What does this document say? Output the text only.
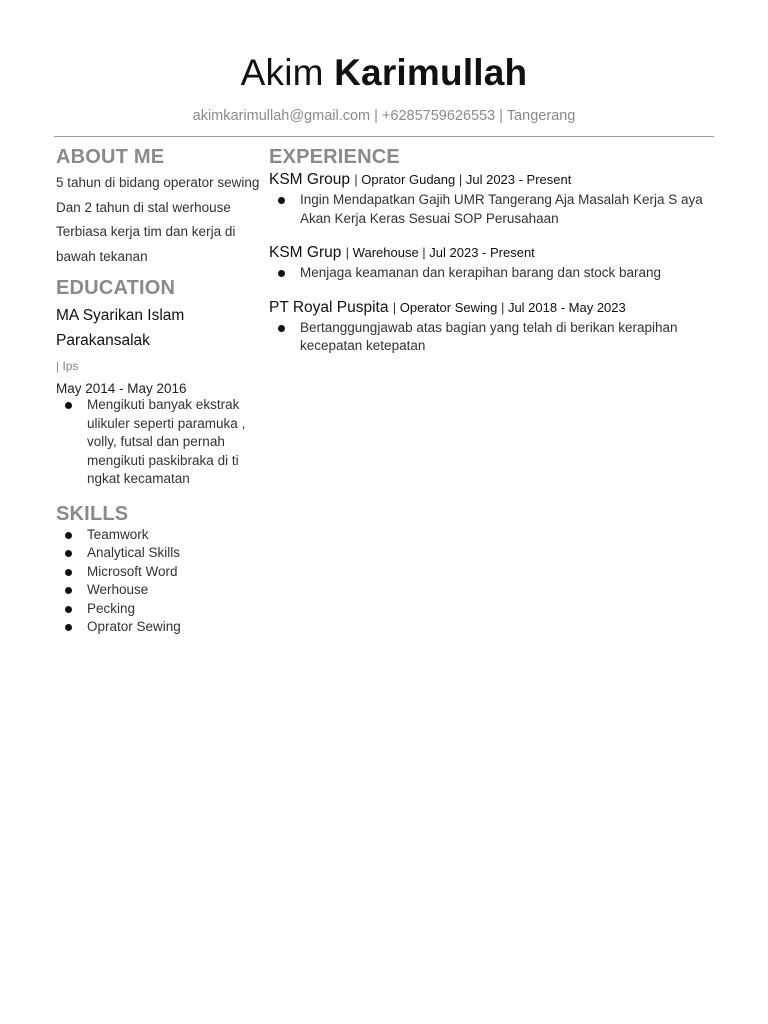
Akim Karimullah
akimkarimullah@gmail.com | +6285759626553 | Tangerang
ABOUT ME

5 tahun di bidang operator sewing Dan 2 tahun di stal werhouse Terbiasa kerja tim dan kerja di bawah tekanan

EDUCATION
MA Syarikan Islam Parakansalak
| Ips
May 2014 - May 2016
Mengikuti banyak ekstrak ulikuler seperti paramuka , volly, futsal dan pernah mengikuti paskibraka di ti ngkat kecamatan
SKILLS
Teamwork
Analytical Skills
Microsoft Word
Werhouse
Pecking
Oprator Sewing
EXPERIENCE
KSM Group | Oprator Gudang | Jul 2023 - Present
Ingin Mendapatkan Gajih UMR Tangerang Aja Masalah Kerja S aya Akan Kerja Keras Sesuai SOP Perusahaan
KSM Grup | Warehouse | Jul 2023 - Present
Menjaga keamanan dan kerapihan barang dan stock barang
PT Royal Puspita | Operator Sewing | Jul 2018 - May 2023
Bertanggungjawab atas bagian yang telah di berikan kerapihan kecepatan ketepatan
